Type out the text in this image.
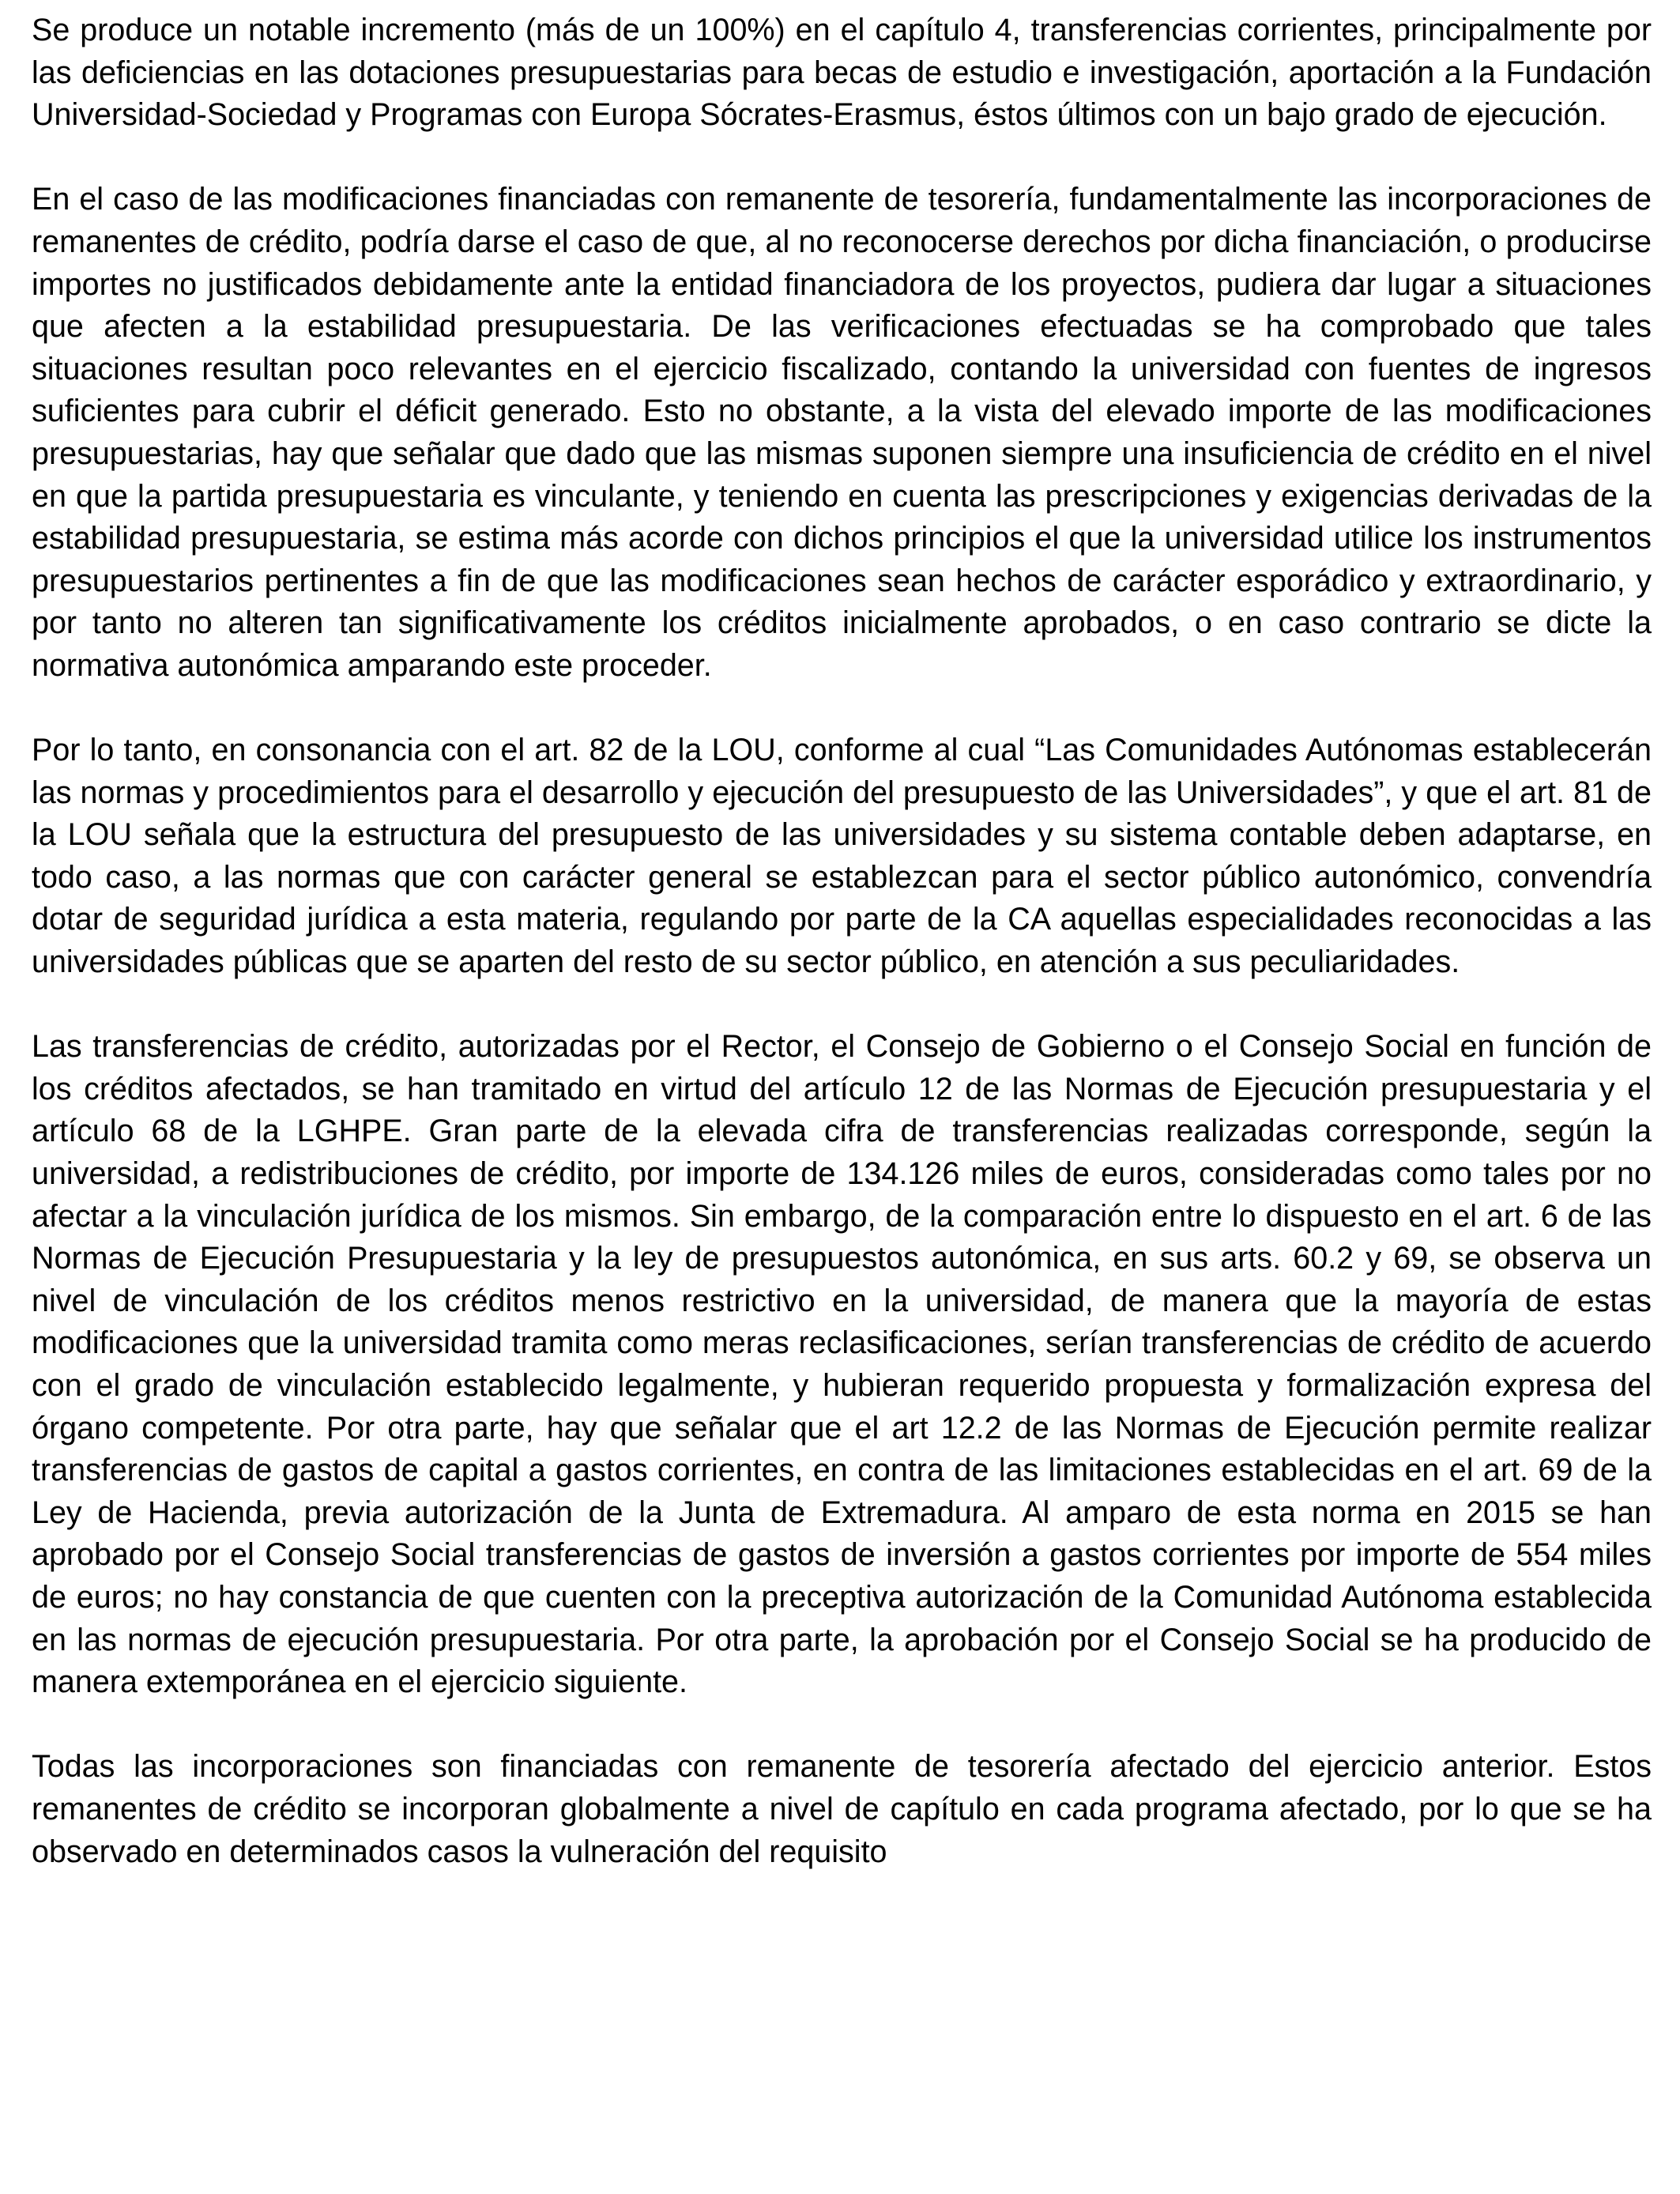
Se produce un notable incremento (más de un 100%) en el capítulo 4, transferencias corrientes, principalmente por las deficiencias en las dotaciones presupuestarias para becas de estudio e investigación, aportación a la Fundación Universidad-Sociedad y Programas con Europa Sócrates-Erasmus, éstos últimos con un bajo grado de ejecución.

En el caso de las modificaciones financiadas con remanente de tesorería, fundamentalmente las incorporaciones de remanentes de crédito, podría darse el caso de que, al no reconocerse derechos por dicha financiación, o producirse importes no justificados debidamente ante la entidad financiadora de los proyectos, pudiera dar lugar a situaciones que afecten a la estabilidad presupuestaria. De las verificaciones efectuadas se ha comprobado que tales situaciones resultan poco relevantes en el ejercicio fiscalizado, contando la universidad con fuentes de ingresos suficientes para cubrir el déficit generado. Esto no obstante, a la vista del elevado importe de las modificaciones presupuestarias, hay que señalar que dado que las mismas suponen siempre una insuficiencia de crédito en el nivel en que la partida presupuestaria es vinculante, y teniendo en cuenta las prescripciones y exigencias derivadas de la estabilidad presupuestaria, se estima más acorde con dichos principios el que la universidad utilice los instrumentos presupuestarios pertinentes a fin de que las modificaciones sean hechos de carácter esporádico y extraordinario, y por tanto no alteren tan significativamente los créditos inicialmente aprobados, o en caso contrario se dicte la normativa autonómica amparando este proceder.

Por lo tanto, en consonancia con el art. 82 de la LOU, conforme al cual “Las Comunidades Autónomas establecerán las normas y procedimientos para el desarrollo y ejecución del presupuesto de las Universidades”, y que el art. 81 de la LOU señala que la estructura del presupuesto de las universidades y su sistema contable deben adaptarse, en todo caso, a las normas que con carácter general se establezcan para el sector público autonómico, convendría dotar de seguridad jurídica a esta materia, regulando por parte de la CA aquellas especialidades reconocidas a las universidades públicas que se aparten del resto de su sector público, en atención a sus peculiaridades.

Las transferencias de crédito, autorizadas por el Rector, el Consejo de Gobierno o el Consejo Social en función de los créditos afectados, se han tramitado en virtud del artículo 12 de las Normas de Ejecución presupuestaria y el artículo 68 de la LGHPE. Gran parte de la elevada cifra de transferencias realizadas corresponde, según la universidad, a redistribuciones de crédito, por importe de 134.126 miles de euros, consideradas como tales por no afectar a la vinculación jurídica de los mismos. Sin embargo, de la comparación entre lo dispuesto en el art. 6 de las Normas de Ejecución Presupuestaria y la ley de presupuestos autonómica, en sus arts. 60.2 y 69, se observa un nivel de vinculación de los créditos menos restrictivo en la universidad, de manera que la mayoría de estas modificaciones que la universidad tramita como meras reclasificaciones, serían transferencias de crédito de acuerdo con el grado de vinculación establecido legalmente, y hubieran requerido propuesta y formalización expresa del órgano competente. Por otra parte, hay que señalar que el art 12.2 de las Normas de Ejecución permite realizar transferencias de gastos de capital a gastos corrientes, en contra de las limitaciones establecidas en el art. 69 de la Ley de Hacienda, previa autorización de la Junta de Extremadura. Al amparo de esta norma en 2015 se han aprobado por el Consejo Social transferencias de gastos de inversión a gastos corrientes por importe de 554 miles de euros; no hay constancia de que cuenten con la preceptiva autorización de la Comunidad Autónoma establecida en las normas de ejecución presupuestaria. Por otra parte, la aprobación por el Consejo Social se ha producido de manera extemporánea en el ejercicio siguiente.

Todas las incorporaciones son financiadas con remanente de tesorería afectado del ejercicio anterior. Estos remanentes de crédito se incorporan globalmente a nivel de capítulo en cada programa afectado, por lo que se ha observado en determinados casos la vulneración del requisito
